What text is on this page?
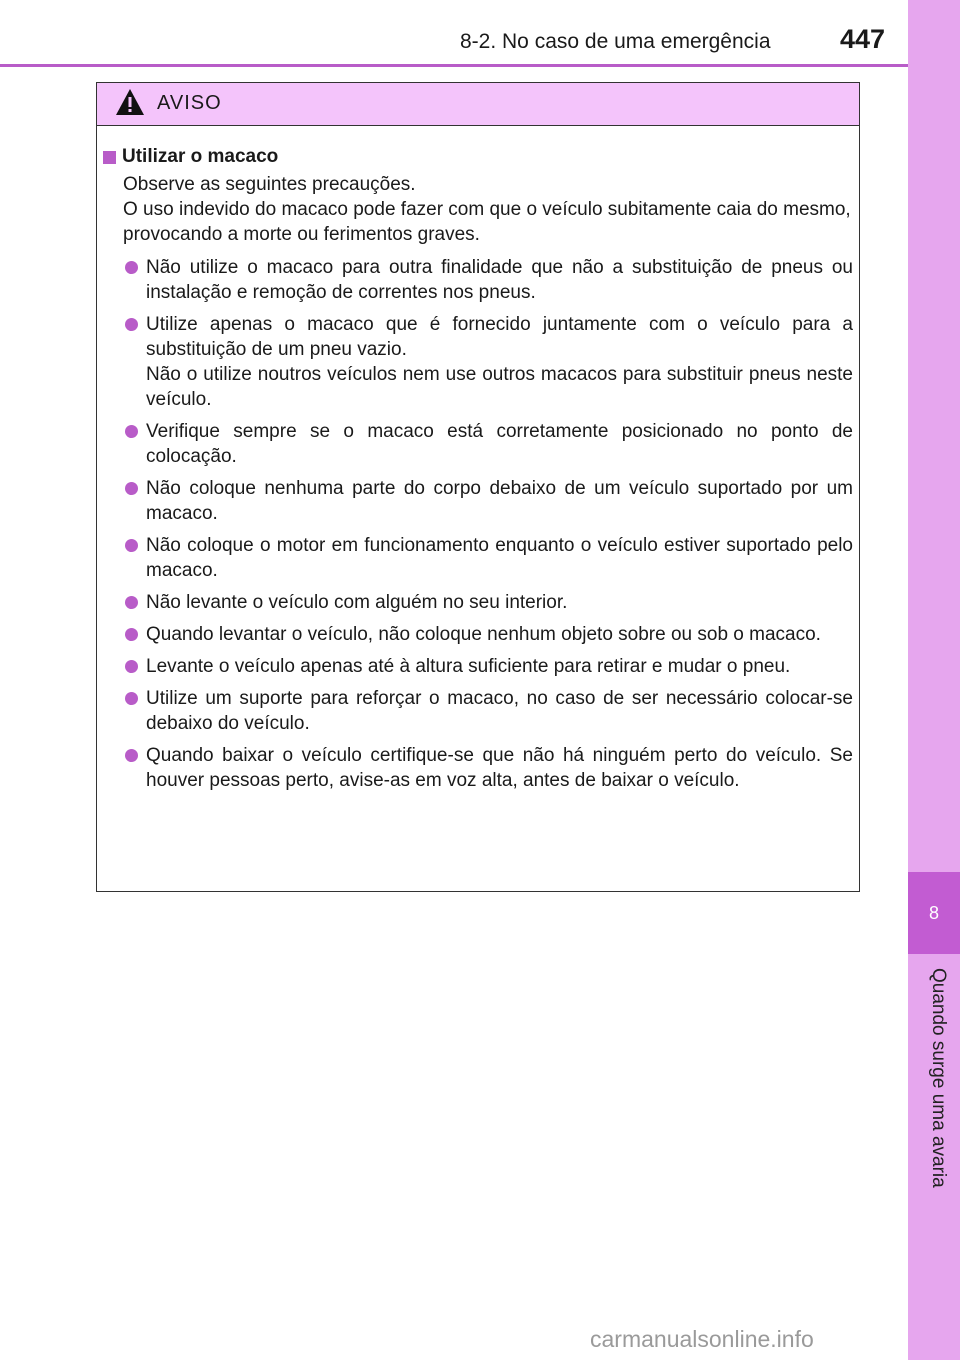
8-2. No caso de uma emergência	447
8
Quando surge uma avaria
AVISO
Utilizar o macaco
Observe as seguintes precauções.
O uso indevido do macaco pode fazer com que o veículo subitamente caia do mesmo, provocando a morte ou ferimentos graves.
Não utilize o macaco para outra finalidade que não a substituição de pneus ou instalação e remoção de correntes nos pneus.
Utilize apenas o macaco que é fornecido juntamente com o veículo para a substituição de um pneu vazio.
Não o utilize noutros veículos nem use outros macacos para substituir pneus neste veículo.
Verifique sempre se o macaco está corretamente posicionado no ponto de colocação.
Não coloque nenhuma parte do corpo debaixo de um veículo suportado por um macaco.
Não coloque o motor em funcionamento enquanto o veículo estiver suportado pelo macaco.
Não levante o veículo com alguém no seu interior.
Quando levantar o veículo, não coloque nenhum objeto sobre ou sob o macaco.
Levante o veículo apenas até à altura suficiente para retirar e mudar o pneu.
Utilize um suporte para reforçar o macaco, no caso de ser necessário colocar-se debaixo do veículo.
Quando baixar o veículo certifique-se que não há ninguém perto do veículo. Se houver pessoas perto, avise-as em voz alta, antes de baixar o veículo.
carmanualsonline.info
